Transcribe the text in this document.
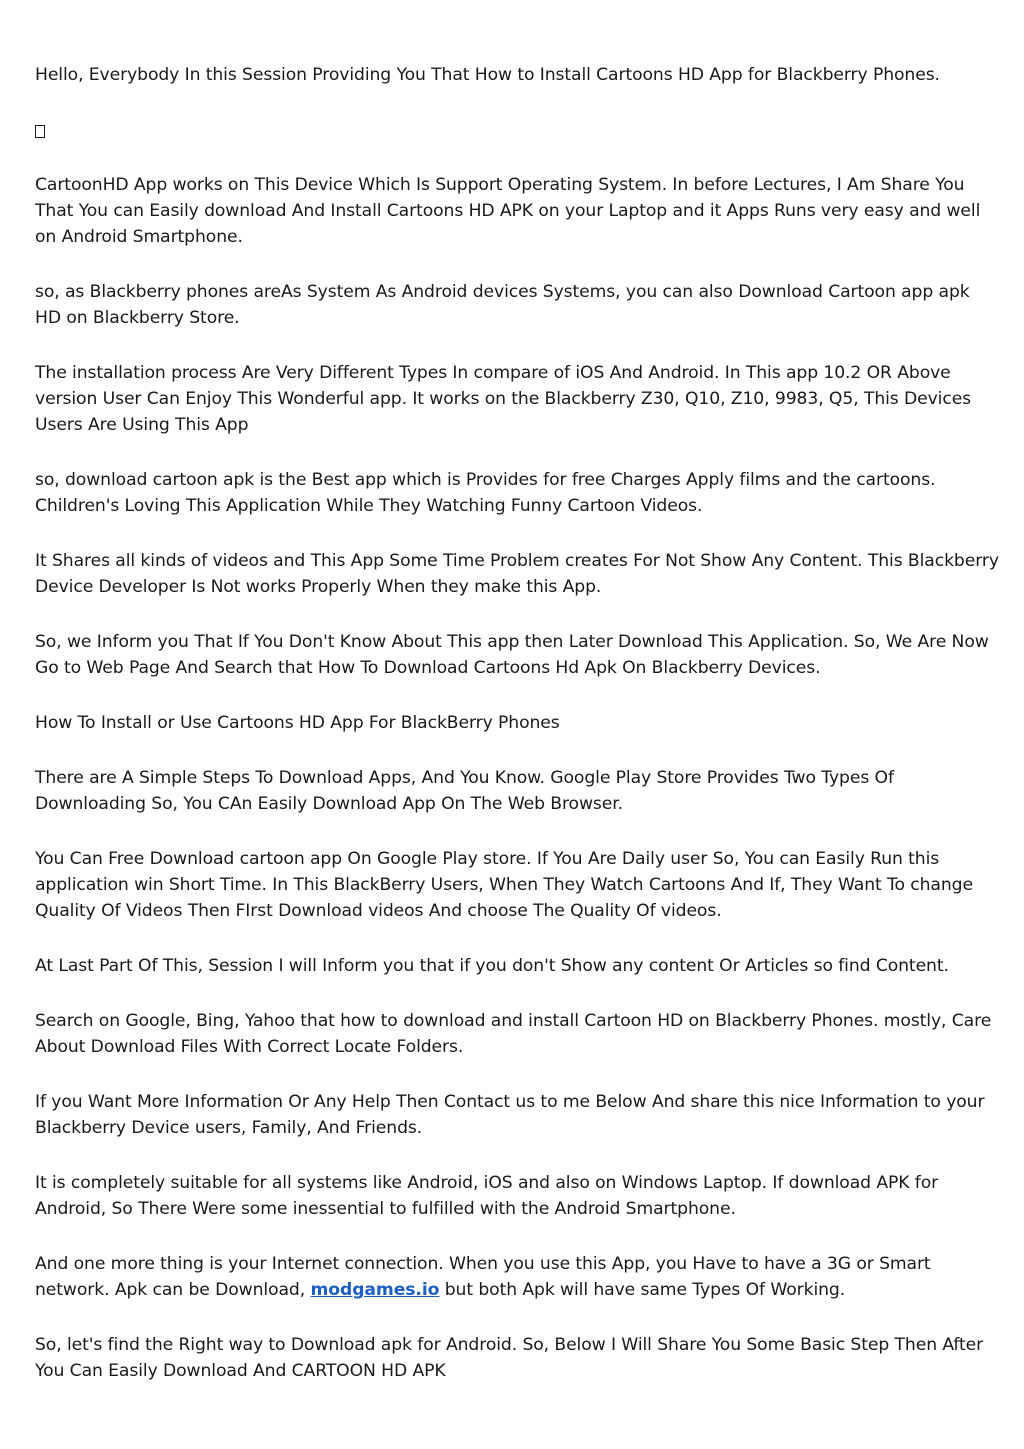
Hello, Everybody In this Session Providing You That How to Install Cartoons HD App for Blackberry Phones.

CartoonHD App works on This Device Which Is Support Operating System. In before Lectures, I Am Share You That You can Easily download And Install Cartoons HD APK on your Laptop and it Apps Runs very easy and well on Android Smartphone.

so, as Blackberry phones areAs System As Android devices Systems, you can also Download Cartoon app apk HD on Blackberry Store.

The installation process Are Very Different Types In compare of iOS And Android. In This app 10.2 OR Above version User Can Enjoy This Wonderful app. It works on the Blackberry Z30, Q10, Z10, 9983, Q5, This Devices Users Are Using This App

so, download cartoon apk is the Best app which is Provides for free Charges Apply films and the cartoons. Children's Loving This Application While They Watching Funny Cartoon Videos.

It Shares all kinds of videos and This App Some Time Problem creates For Not Show Any Content. This Blackberry Device Developer Is Not works Properly When they make this App.

So, we Inform you That If You Don't Know About This app then Later Download This Application. So, We Are Now Go to Web Page And Search that How To Download Cartoons Hd Apk On Blackberry Devices.

How To Install or Use Cartoons HD App For BlackBerry Phones

There are A Simple Steps To Download Apps, And You Know. Google Play Store Provides Two Types Of Downloading So, You CAn Easily Download App On The Web Browser.

You Can Free Download cartoon app On Google Play store. If You Are Daily user So, You can Easily Run this application win Short Time. In This BlackBerry Users, When They Watch Cartoons And If, They Want To change Quality Of Videos Then FIrst Download videos And choose The Quality Of videos.

At Last Part Of This, Session I will Inform you that if you don't Show any content Or Articles so find Content.

Search on Google, Bing, Yahoo that how to download and install Cartoon HD on Blackberry Phones. mostly, Care About Download Files With Correct Locate Folders.

If you Want More Information Or Any Help Then Contact us to me Below And share this nice Information to your Blackberry Device users, Family, And Friends.

It is completely suitable for all systems like Android, iOS and also on Windows Laptop. If download APK for Android, So There Were some inessential to fulfilled with the Android Smartphone.

And one more thing is your Internet connection. When you use this App, you Have to have a 3G or Smart network. Apk can be Download, modgames.io but both Apk will have same Types Of Working.

So, let's find the Right way to Download apk for Android. So, Below I Will Share You Some Basic Step Then After You Can Easily Download And CARTOON HD APK
